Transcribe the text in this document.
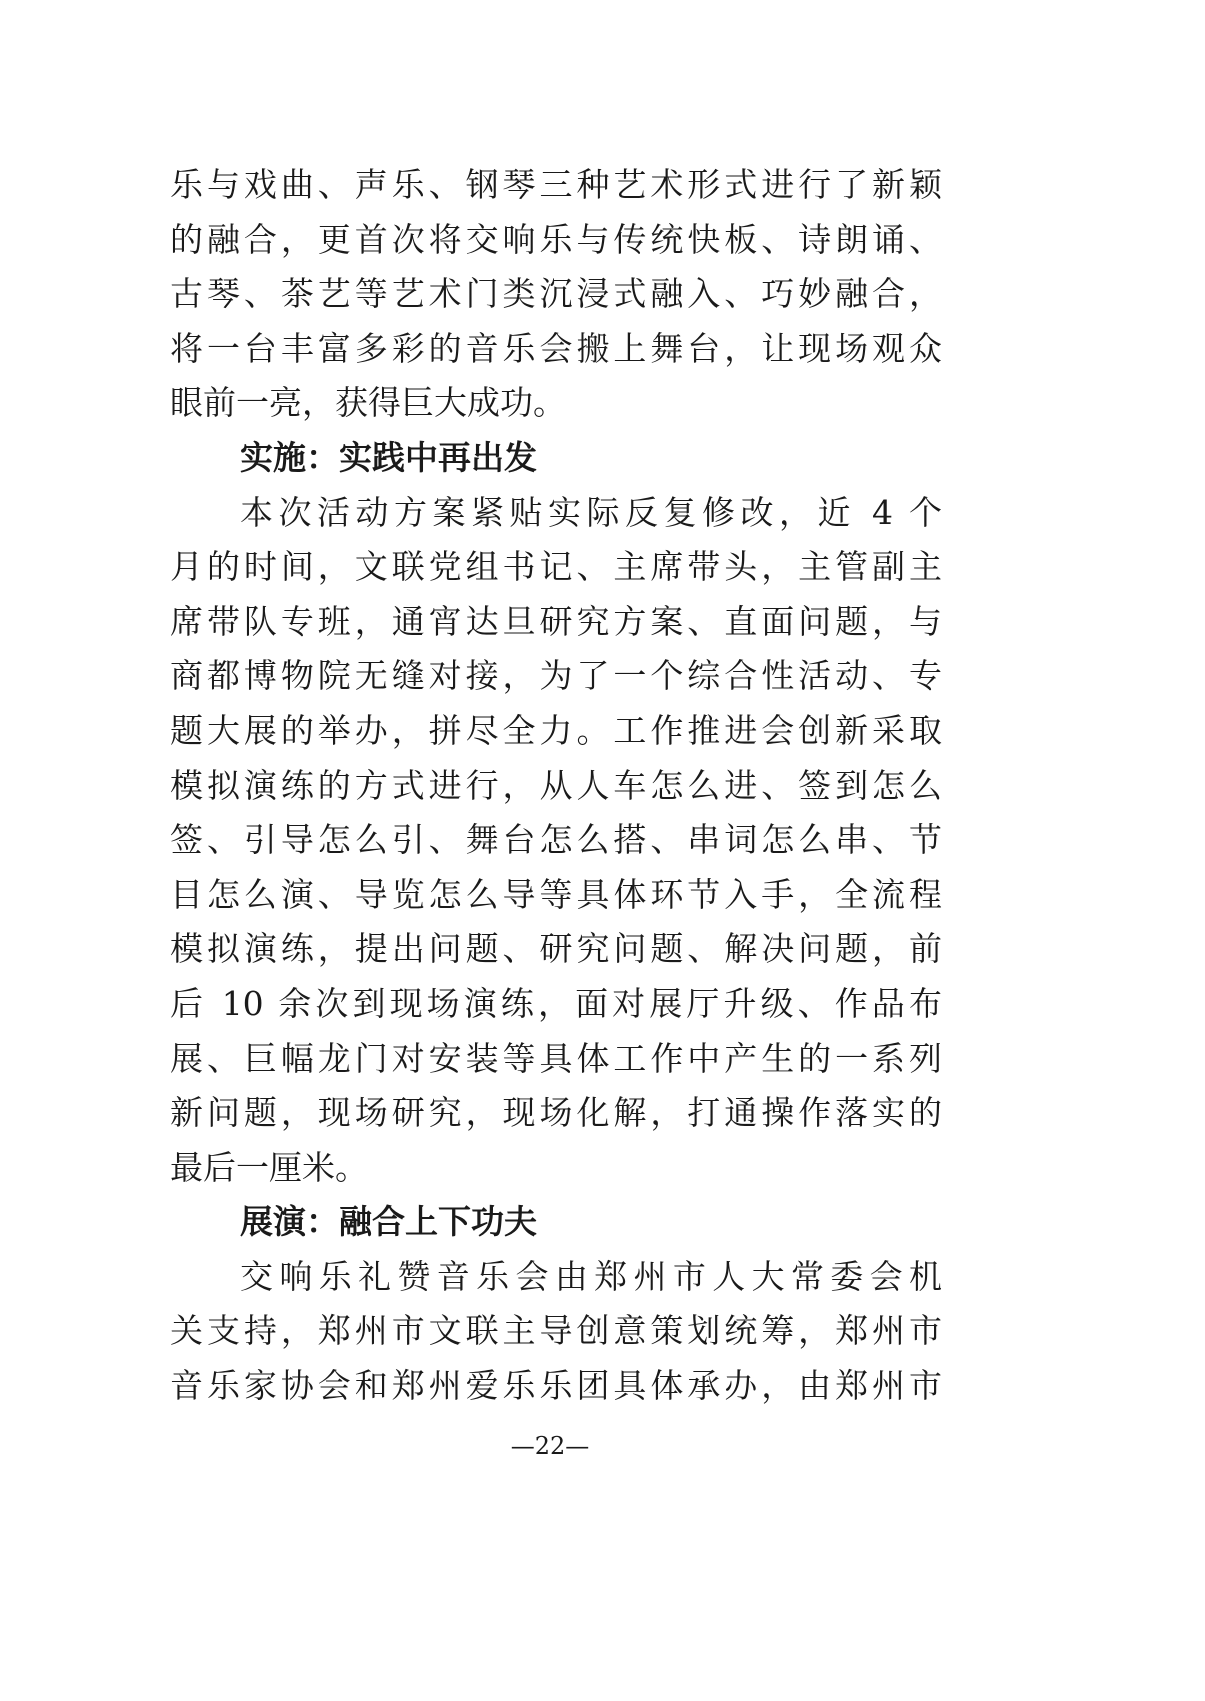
乐与戏曲、声乐、钢琴三种艺术形式进行了新颖
的融合，更首次将交响乐与传统快板、诗朗诵、
古琴、茶艺等艺术门类沉浸式融入、巧妙融合，
将一台丰富多彩的音乐会搬上舞台，让现场观众
眼前一亮，获得巨大成功。
实施：实践中再出发
本次活动方案紧贴实际反复修改，近 4 个
月的时间，文联党组书记、主席带头，主管副主
席带队专班，通宵达旦研究方案、直面问题，与
商都博物院无缝对接，为了一个综合性活动、专
题大展的举办，拼尽全力。工作推进会创新采取
模拟演练的方式进行，从人车怎么进、签到怎么
签、引导怎么引、舞台怎么搭、串词怎么串、节
目怎么演、导览怎么导等具体环节入手，全流程
模拟演练，提出问题、研究问题、解决问题，前
后 10 余次到现场演练，面对展厅升级、作品布
展、巨幅龙门对安装等具体工作中产生的一系列
新问题，现场研究，现场化解，打通操作落实的
最后一厘米。
展演：融合上下功夫
交响乐礼赞音乐会由郑州市人大常委会机
关支持，郑州市文联主导创意策划统筹，郑州市
音乐家协会和郑州爱乐乐团具体承办，由郑州市
—22—
